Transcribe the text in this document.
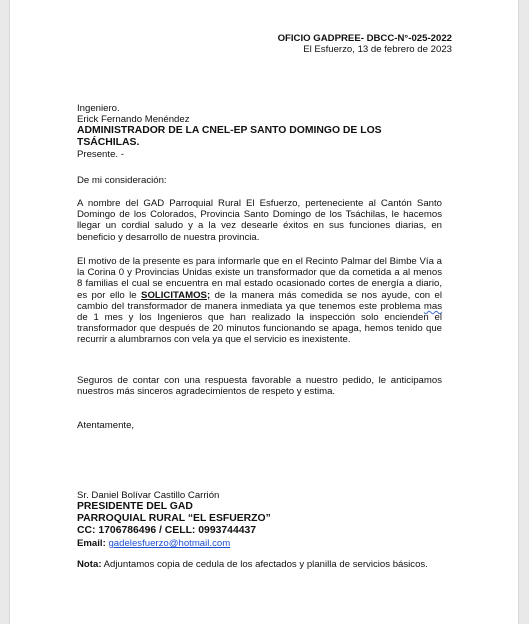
OFICIO GADPREE- DBCC-N°-025-2022
El Esfuerzo, 13 de febrero de 2023
Ingeniero.
Erick Fernando Menéndez
ADMINISTRADOR DE LA CNEL-EP SANTO DOMINGO DE LOS
TSÁCHILAS.
Presente. -
De mi consideración:
A nombre del GAD Parroquial Rural El Esfuerzo, perteneciente al Cantón Santo Domingo de los Colorados, Provincia Santo Domingo de los Tsáchilas, le hacemos llegar un cordial saludo y a la vez desearle éxitos en sus funciones diarias, en beneficio y desarrollo de nuestra provincia.
El motivo de la presente es para informarle que en el Recinto Palmar del Bimbe Vía a la Corina 0 y Provincias Unidas existe un transformador que da cometida a al menos 8 familias el cual se encuentra en mal estado ocasionado cortes de energía a diario, es por ello le SOLICITAMOS; de la manera más comedida se nos ayude, con el cambio del transformador de manera inmediata ya que tenemos este problema mas de 1 mes y los Ingenieros que han realizado la inspección solo encienden el transformador que después de 20 minutos funcionando se apaga, hemos tenido que recurrir a alumbrarnos con vela ya que el servicio es inexistente.
Seguros de contar con una respuesta favorable a nuestro pedido, le anticipamos nuestros más sinceros agradecimientos de respeto y estima.
Atentamente,
Sr. Daniel Bolívar Castillo Carrión
PRESIDENTE DEL GAD
PARROQUIAL RURAL “EL ESFUERZO”
CC: 1706786496 / CELL: 0993744437
Email: gadelesfuerzo@hotmail.com
Nota: Adjuntamos copia de cedula de los afectados y planilla de servicios básicos.
